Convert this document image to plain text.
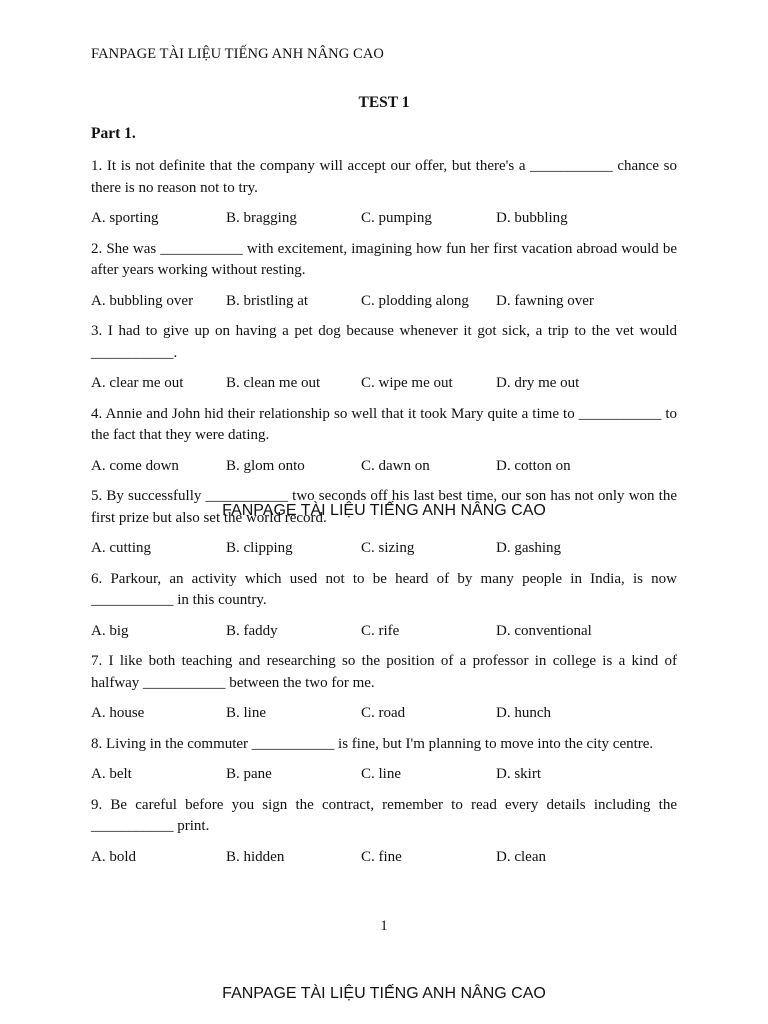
FANPAGE TÀI LIỆU TIẾNG ANH NÂNG CAO
TEST 1
Part 1.

1. It is not definite that the company will accept our offer, but there's a ___________ chance so there is no reason not to try.

A. sporting	B. bragging	C. pumping	D. bubbling

2. She was ___________ with excitement, imagining how fun her first vacation abroad would be after years working without resting.

A. bubbling over	B. bristling at	C. plodding along	D. fawning over

3. I had to give up on having a pet dog because whenever it got sick, a trip to the vet would ___________.

A. clear me out	B. clean me out	C. wipe me out	D. dry me out

4. Annie and John hid their relationship so well that it took Mary quite a time to ___________ to the fact that they were dating.

A. come down	B. glom onto	C. dawn on	D. cotton on

5. By successfully ___________ two seconds off his last best time, our son has not only won the first prize but also set the world record.

A. cutting	B. clipping	C. sizing	D. gashing

6. Parkour, an activity which used not to be heard of by many people in India, is now ___________ in this country.

A. big	B. faddy	C. rife	D. conventional

7. I like both teaching and researching so the position of a professor in college is a kind of halfway ___________ between the two for me.

A. house	B. line	C. road	D. hunch

8. Living in the commuter ___________ is fine, but I'm planning to move into the city centre.

A. belt	B. pane	C. line	D. skirt

9. Be careful before you sign the contract, remember to read every details including the ___________ print.

A. bold	B. hidden	C. fine	D. clean
FANPAGE TÀI LIỆU TIẾNG ANH NÂNG CAO
1
FANPAGE TÀI LIỆU TIẾNG ANH NÂNG CAO
